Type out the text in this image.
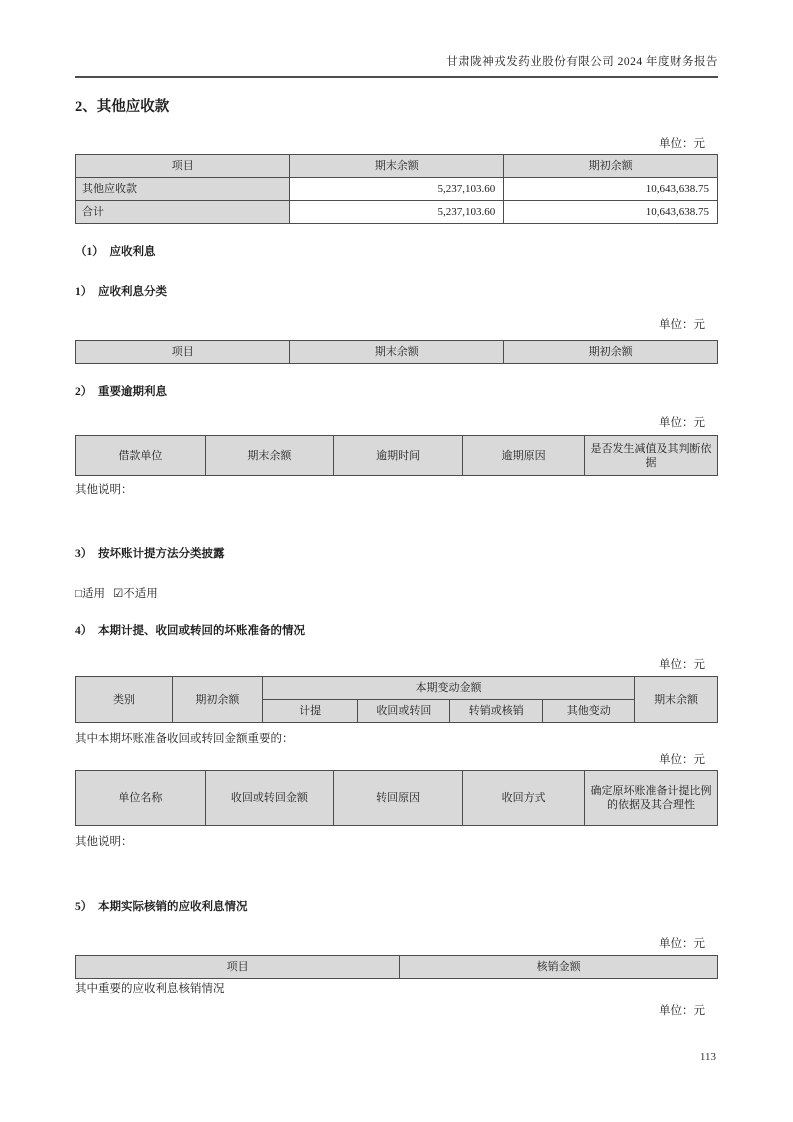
甘肃陇神戎发药业股份有限公司 2024 年度财务报告
2、其他应收款
单位：元
项目	期末余额	期初余额
其他应收款	5,237,103.60	10,643,638.75
合计	5,237,103.60	10,643,638.75
（1）　应收利息
1）　应收利息分类
单位：元
项目	期末余额	期初余额
2）　重要逾期利息
单位：元
借款单位	期末余额	逾期时间	逾期原因	是否发生减值及其判断依据
其他说明：
3）　按坏账计提方法分类披露
□适用 ☑不适用
4）　本期计提、收回或转回的坏账准备的情况
单位：元
类别	期初余额	本期变动金额				期末余额
		计提	收回或转回	转销或核销	其他变动	
其中本期坏账准备收回或转回金额重要的：
单位：元
单位名称	收回或转回金额	转回原因	收回方式	确定原坏账准备计提比例的依据及其合理性
其他说明：
5）　本期实际核销的应收利息情况
单位：元
项目	核销金额
其中重要的应收利息核销情况
单位：元
113
